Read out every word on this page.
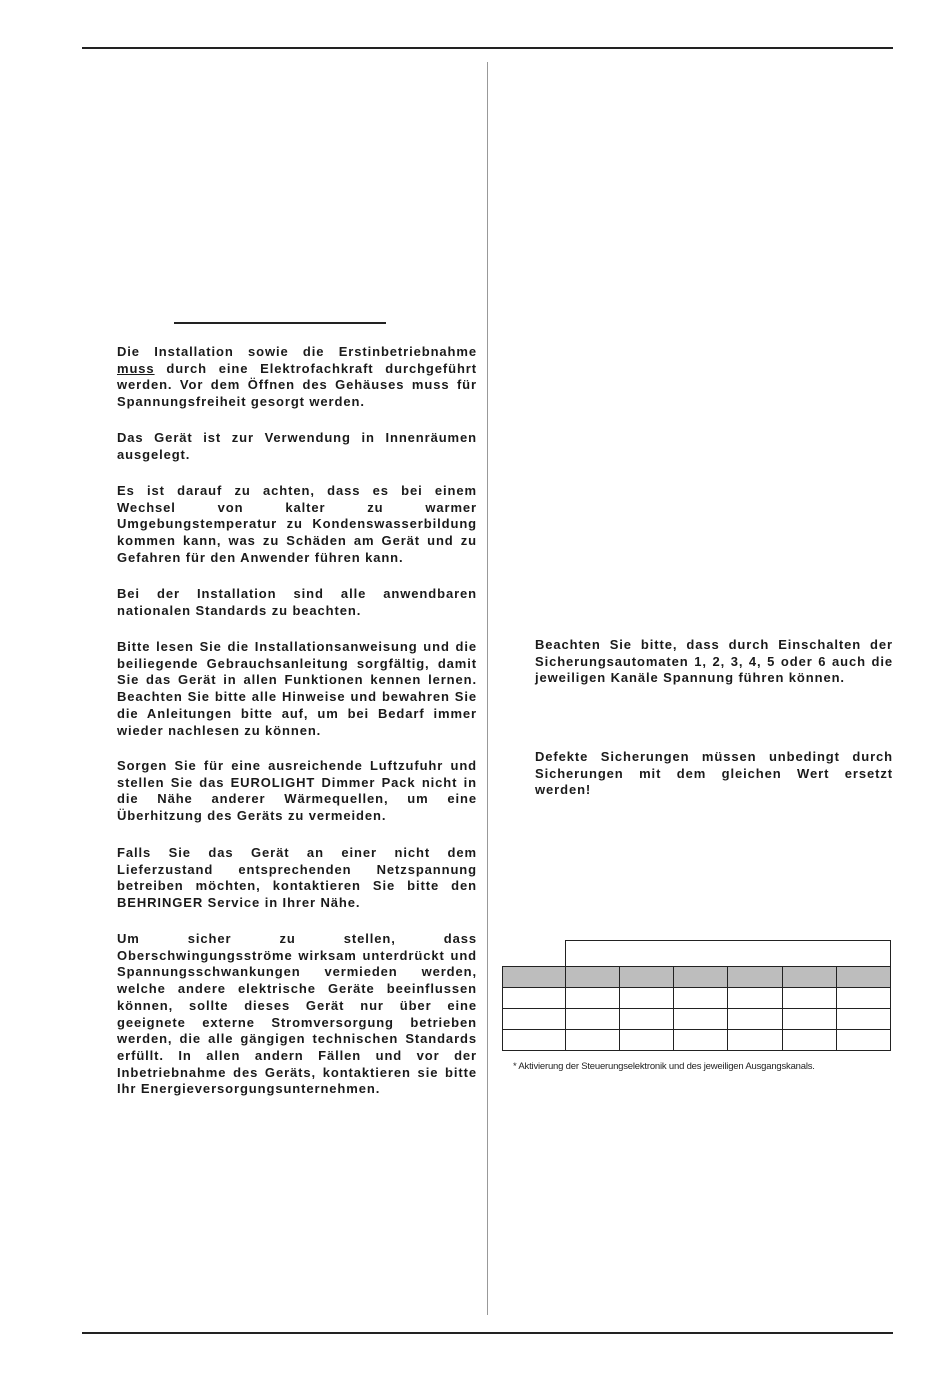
Die Installation sowie die Erstinbetriebnahme muss durch eine Elektrofachkraft durchgeführt werden. Vor dem Öffnen des Gehäuses muss für Spannungsfreiheit gesorgt werden.

Das Gerät ist zur Verwendung in Innenräumen ausgelegt.

Es ist darauf zu achten, dass es bei einem Wechsel von kalter zu warmer Umgebungstemperatur zu Kondenswasserbildung kommen kann, was zu Schäden am Gerät und zu Gefahren für den Anwender führen kann.

Bei der Installation sind alle anwendbaren nationalen Standards zu beachten.

Bitte lesen Sie die Installationsanweisung und die beiliegende Gebrauchsanleitung sorgfältig, damit Sie das Gerät in allen Funktionen kennen lernen. Beachten Sie bitte alle Hinweise und bewahren Sie die Anleitungen bitte auf, um bei Bedarf immer wieder nachlesen zu können.

Sorgen Sie für eine ausreichende Luftzufuhr und stellen Sie das EUROLIGHT Dimmer Pack nicht in die Nähe anderer Wärmequellen, um eine Überhitzung des Geräts zu vermeiden.

Falls Sie das Gerät an einer nicht dem Lieferzustand entsprechenden Netzspannung betreiben möchten, kontaktieren Sie bitte den BEHRINGER Service in Ihrer Nähe.

Um sicher zu stellen, dass Oberschwingungsströme wirksam unterdrückt und Spannungsschwankungen vermieden werden, welche andere elektrische Geräte beeinflussen können, sollte dieses Gerät nur über eine geeignete externe Stromversorgung betrieben werden, die alle gängigen technischen Standards erfüllt. In allen andern Fällen und vor der Inbetriebnahme des Geräts, kontaktieren sie bitte Ihr Energieversorgungsunternehmen.

Beachten Sie bitte, dass durch Einschalten der Sicherungsautomaten 1, 2, 3, 4, 5 oder 6 auch die jeweiligen Kanäle Spannung führen können.

Defekte Sicherungen müssen unbedingt durch Sicherungen mit dem gleichen Wert ersetzt werden!

* Aktivierung der Steuerungselektronik und des jeweiligen Ausgangskanals.
